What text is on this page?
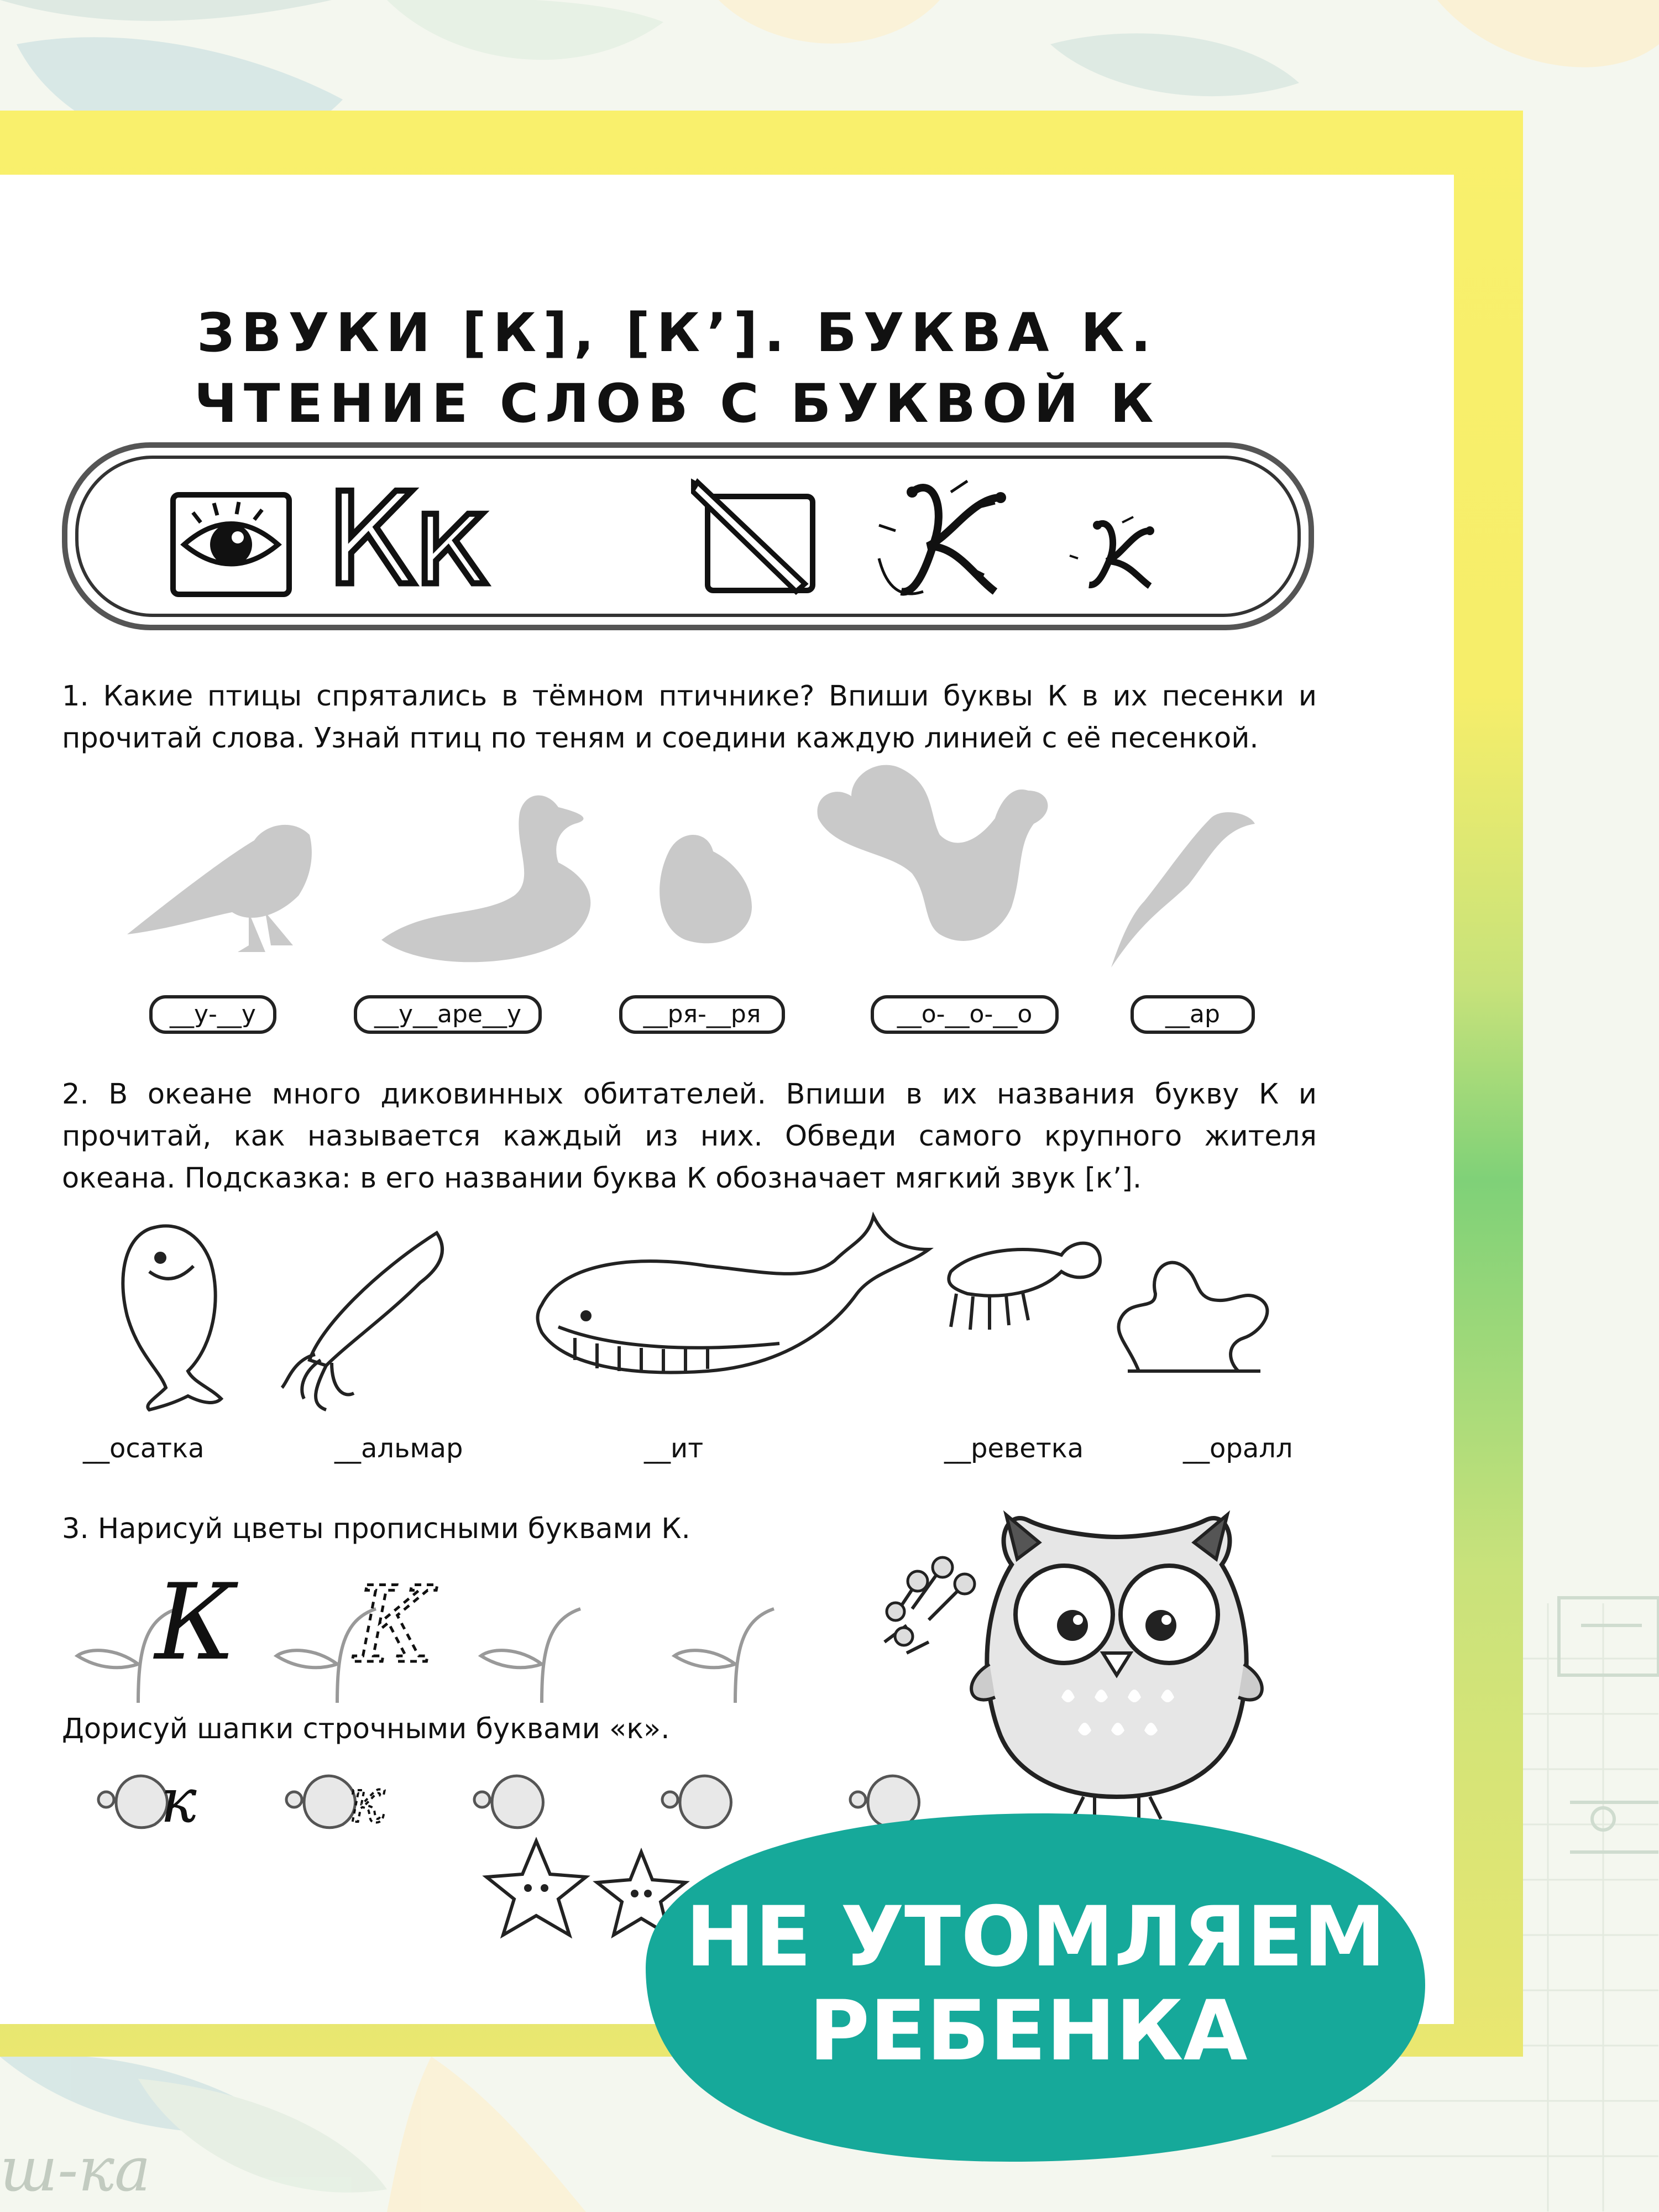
ЗВУКИ [К], [К’]. БУКВА К.
ЧТЕНИЕ СЛОВ С БУКВОЙ К
Кк
1. Какие птицы спрятались в тёмном птичнике? Впиши буквы К в их песенки и прочитай слова. Узнай птиц по теням и соедини каждую линией с её песенкой.
__у-__у	__у__аре__у	__ря-__ря	__о-__о-__о	__ар
2. В океане много диковинных обитателей. Впиши в их названия букву К и прочитай, как называется каждый из них. Обведи самого крупного жителя океана. Подсказка: в его названии буква К обозначает мягкий звук [к’].
__осатка	__альмар	__ит	__реветка	__оралл
3. Нарисуй цветы прописными буквами К.
К К
Дорисуй шапки строчными буквами «к».
к к
НЕ УТОМЛЯЕМ
РЕБЕНКА
ш-ка
